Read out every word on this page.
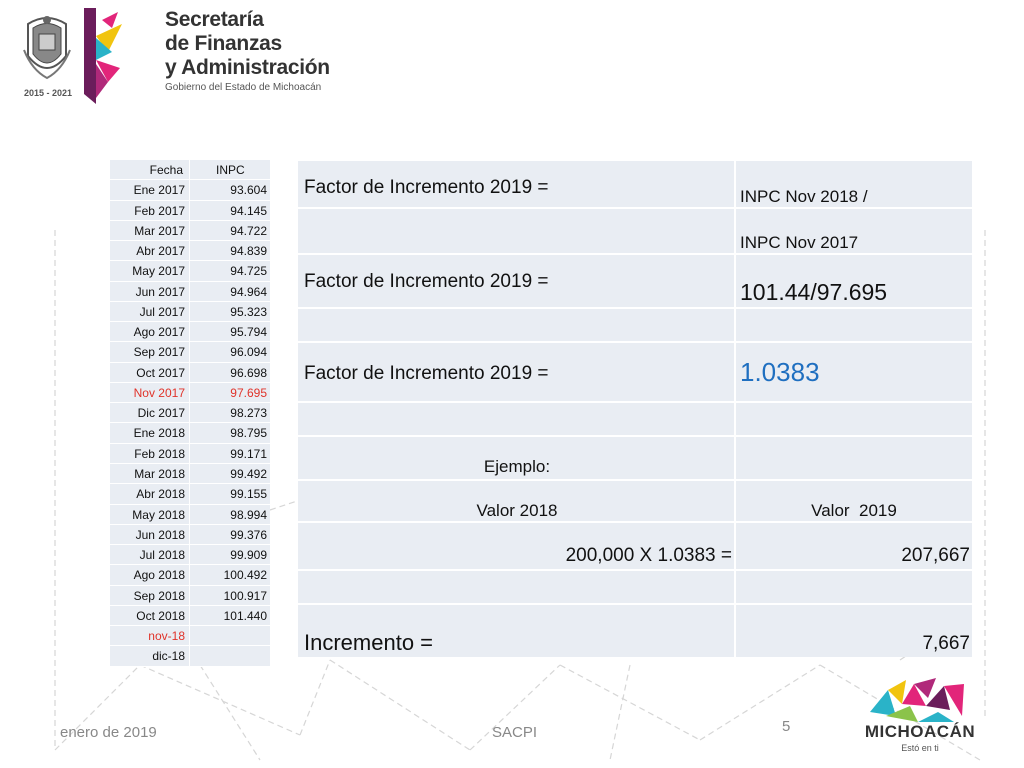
2015 - 2021
Secretaría
de Finanzas
y Administración
Gobierno del Estado de Michoacán
Fecha	INPC
Ene 2017	93.604
Feb 2017	94.145
Mar 2017	94.722
Abr 2017	94.839
May 2017	94.725
Jun 2017	94.964
Jul 2017	95.323
Ago 2017	95.794
Sep 2017	96.094
Oct 2017	96.698
Nov 2017	97.695
Dic 2017	98.273
Ene 2018	98.795
Feb 2018	99.171
Mar 2018	99.492
Abr 2018	99.155
May 2018	98.994
Jun 2018	99.376
Jul 2018	99.909
Ago 2018	100.492
Sep 2018	100.917
Oct 2018	101.440
nov-18
dic-18
Factor de Incremento 2019 =	INPC Nov 2018 /
INPC Nov 2017
Factor de Incremento 2019 =	101.44/97.695
Factor de Incremento 2019 =	1.0383
Ejemplo:
Valor 2018	Valor  2019
200,000 X 1.0383 =	207,667
Incremento =	7,667
enero de 2019	SACPI	5	MICHOACÁN
Estó en ti
